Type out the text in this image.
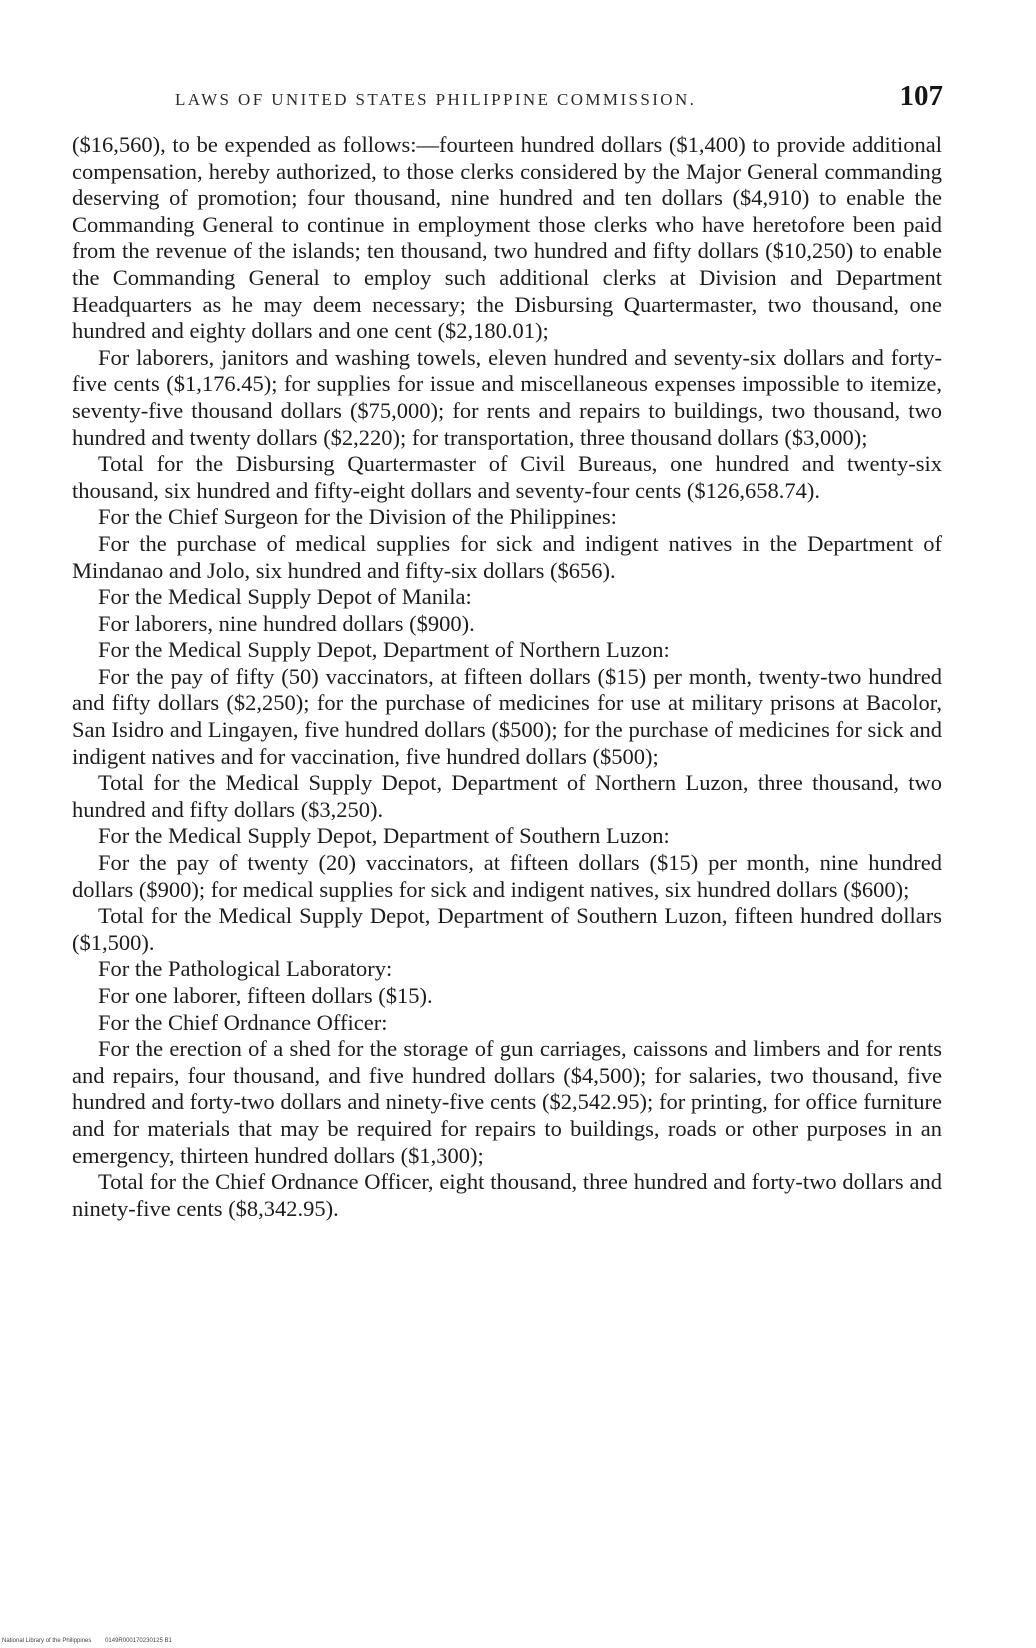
LAWS OF UNITED STATES PHILIPPINE COMMISSION.	107

($16,560), to be expended as follows:—fourteen hundred dollars ($1,400) to provide additional compensation, hereby authorized, to those clerks considered by the Major General commanding deserving of promotion; four thousand, nine hundred and ten dollars ($4,910) to enable the Commanding General to continue in employment those clerks who have heretofore been paid from the revenue of the islands; ten thousand, two hundred and fifty dollars ($10,250) to enable the Commanding General to employ such additional clerks at Division and Department Headquarters as he may deem necessary; the Disbursing Quartermaster, two thousand, one hundred and eighty dollars and one cent ($2,180.01);

For laborers, janitors and washing towels, eleven hundred and seventy-six dollars and forty-five cents ($1,176.45); for supplies for issue and miscellaneous expenses impossible to itemize, seventy-five thousand dollars ($75,000); for rents and repairs to buildings, two thousand, two hundred and twenty dollars ($2,220); for transportation, three thousand dollars ($3,000);

Total for the Disbursing Quartermaster of Civil Bureaus, one hundred and twenty-six thousand, six hundred and fifty-eight dollars and seventy-four cents ($126,658.74).

For the Chief Surgeon for the Division of the Philippines:

For the purchase of medical supplies for sick and indigent natives in the Department of Mindanao and Jolo, six hundred and fifty-six dollars ($656).

For the Medical Supply Depot of Manila:

For laborers, nine hundred dollars ($900).

For the Medical Supply Depot, Department of Northern Luzon:

For the pay of fifty (50) vaccinators, at fifteen dollars ($15) per month, twenty-two hundred and fifty dollars ($2,250); for the purchase of medicines for use at military prisons at Bacolor, San Isidro and Lingayen, five hundred dollars ($500); for the purchase of medicines for sick and indigent natives and for vaccination, five hundred dollars ($500);

Total for the Medical Supply Depot, Department of Northern Luzon, three thousand, two hundred and fifty dollars ($3,250).

For the Medical Supply Depot, Department of Southern Luzon:

For the pay of twenty (20) vaccinators, at fifteen dollars ($15) per month, nine hundred dollars ($900); for medical supplies for sick and indigent natives, six hundred dollars ($600);

Total for the Medical Supply Depot, Department of Southern Luzon, fifteen hundred dollars ($1,500).

For the Pathological Laboratory:

For one laborer, fifteen dollars ($15).

For the Chief Ordnance Officer:

For the erection of a shed for the storage of gun carriages, caissons and limbers and for rents and repairs, four thousand, and five hundred dollars ($4,500); for salaries, two thousand, five hundred and forty-two dollars and ninety-five cents ($2,542.95); for printing, for office furniture and for materials that may be required for repairs to buildings, roads or other purposes in an emergency, thirteen hundred dollars ($1,300);

Total for the Chief Ordnance Officer, eight thousand, three hundred and forty-two dollars and ninety-five cents ($8,342.95).

National Library of the Philippines 0149R000170230125 B1
